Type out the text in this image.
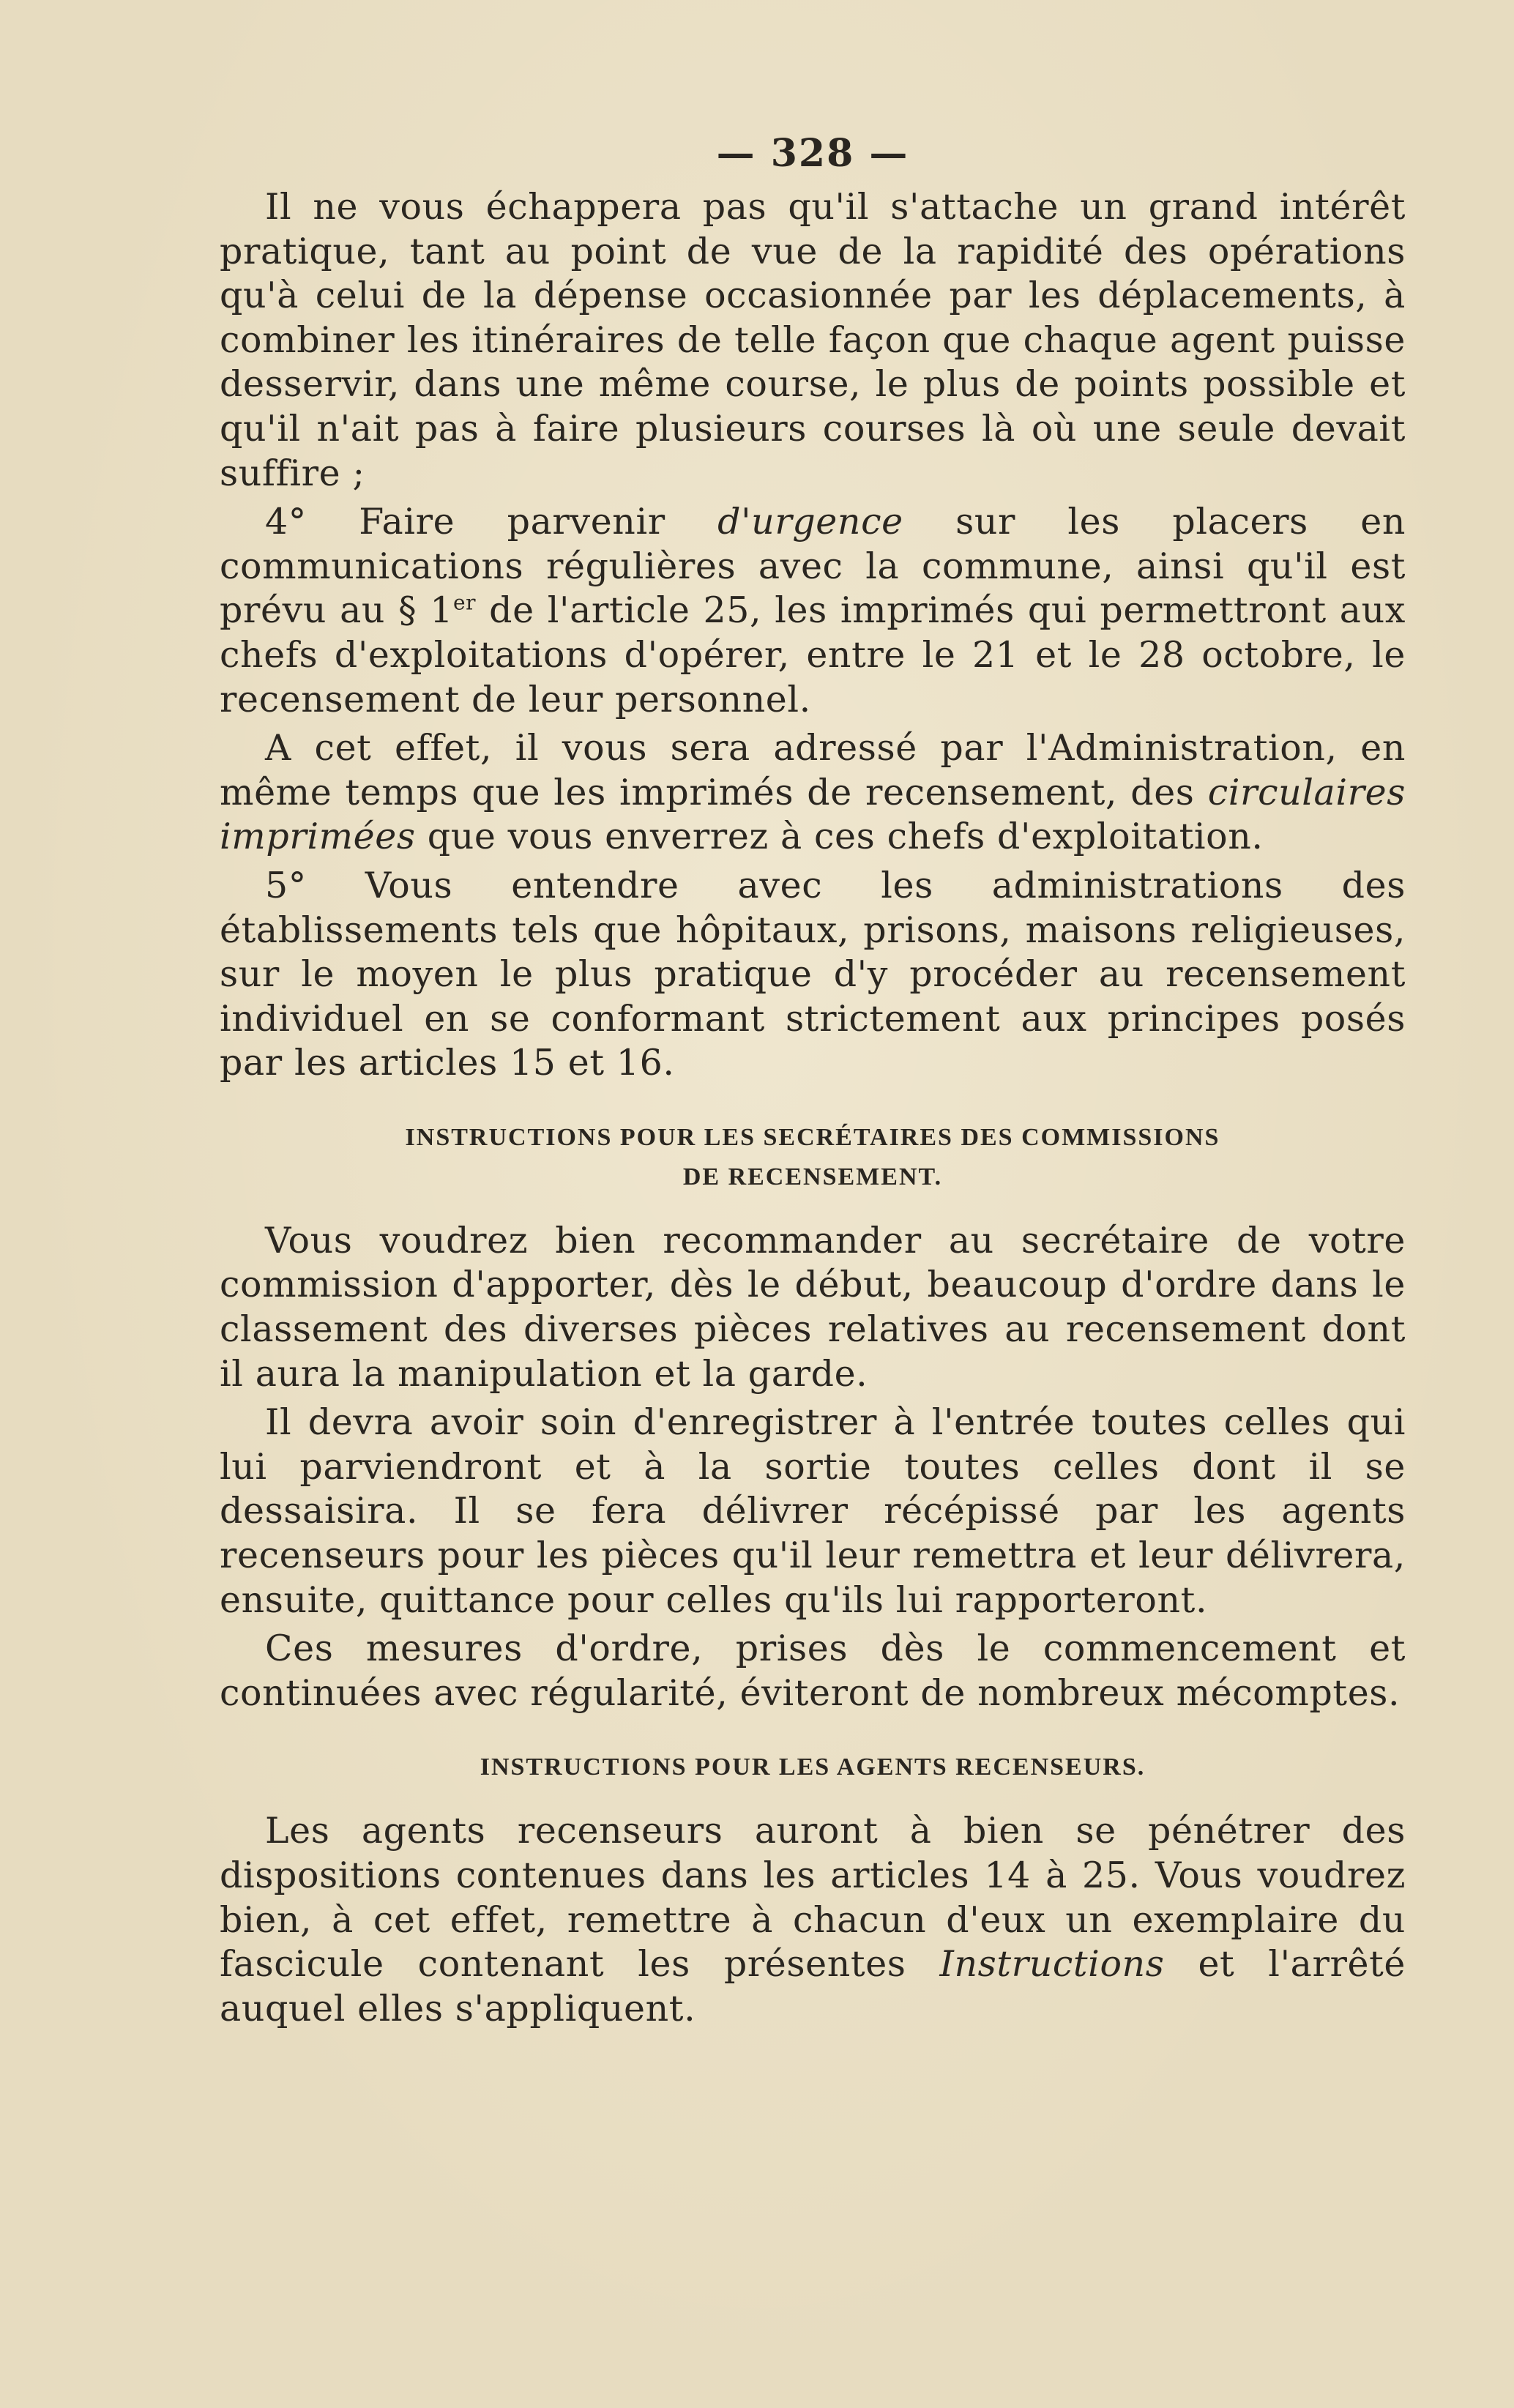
— 328 —

Il ne vous échappera pas qu'il s'attache un grand intérêt pratique, tant au point de vue de la rapidité des opérations qu'à celui de la dépense occasionnée par les déplacements, à combiner les itinéraires de telle façon que chaque agent puisse desservir, dans une même course, le plus de points possible et qu'il n'ait pas à faire plusieurs courses là où une seule devait suffire ;

4° Faire parvenir d'urgence sur les placers en communications régulières avec la commune, ainsi qu'il est prévu au § 1er de l'article 25, les imprimés qui permettront aux chefs d'exploitations d'opérer, entre le 21 et le 28 octobre, le recensement de leur personnel.

A cet effet, il vous sera adressé par l'Administration, en même temps que les imprimés de recensement, des circulaires imprimées que vous enverrez à ces chefs d'exploitation.

5° Vous entendre avec les administrations des établissements tels que hôpitaux, prisons, maisons religieuses, sur le moyen le plus pratique d'y procéder au recensement individuel en se conformant strictement aux principes posés par les articles 15 et 16.

INSTRUCTIONS POUR LES SECRÉTAIRES DES COMMISSIONS
DE RECENSEMENT.

Vous voudrez bien recommander au secrétaire de votre commission d'apporter, dès le début, beaucoup d'ordre dans le classement des diverses pièces relatives au recensement dont il aura la manipulation et la garde.

Il devra avoir soin d'enregistrer à l'entrée toutes celles qui lui parviendront et à la sortie toutes celles dont il se dessaisira. Il se fera délivrer récépissé par les agents recenseurs pour les pièces qu'il leur remettra et leur délivrera, ensuite, quittance pour celles qu'ils lui rapporteront.

Ces mesures d'ordre, prises dès le commencement et continuées avec régularité, éviteront de nombreux mécomptes.

INSTRUCTIONS POUR LES AGENTS RECENSEURS.

Les agents recenseurs auront à bien se pénétrer des dispositions contenues dans les articles 14 à 25. Vous voudrez bien, à cet effet, remettre à chacun d'eux un exemplaire du fascicule contenant les présentes Instructions et l'arrêté auquel elles s'appliquent.
